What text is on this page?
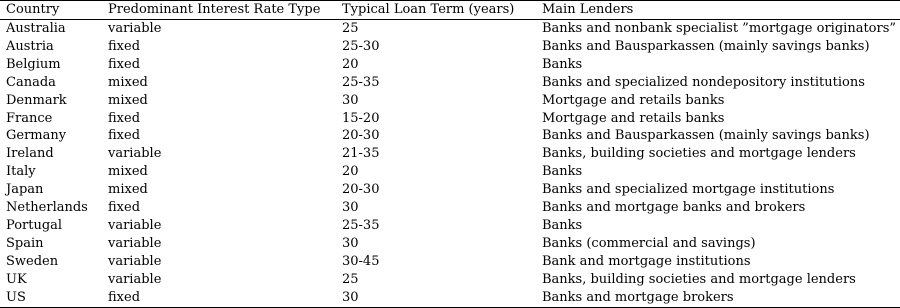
Country	Predominant Interest Rate Type	Typical Loan Term (years)	Main Lenders
Australia	variable	25	Banks and nonbank specialist ”mortgage originators”
Austria	fixed	25-30	Banks and Bausparkassen (mainly savings banks)
Belgium	fixed	20	Banks
Canada	mixed	25-35	Banks and specialized nondepository institutions
Denmark	mixed	30	Mortgage and retails banks
France	fixed	15-20	Mortgage and retails banks
Germany	fixed	20-30	Banks and Bausparkassen (mainly savings banks)
Ireland	variable	21-35	Banks, building societies and mortgage lenders
Italy	mixed	20	Banks
Japan	mixed	20-30	Banks and specialized mortgage institutions
Netherlands	fixed	30	Banks and mortgage banks and brokers
Portugal	variable	25-35	Banks
Spain	variable	30	Banks (commercial and savings)
Sweden	variable	30-45	Bank and mortgage institutions
UK	variable	25	Banks, building societies and mortgage lenders
US	fixed	30	Banks and mortgage brokers
